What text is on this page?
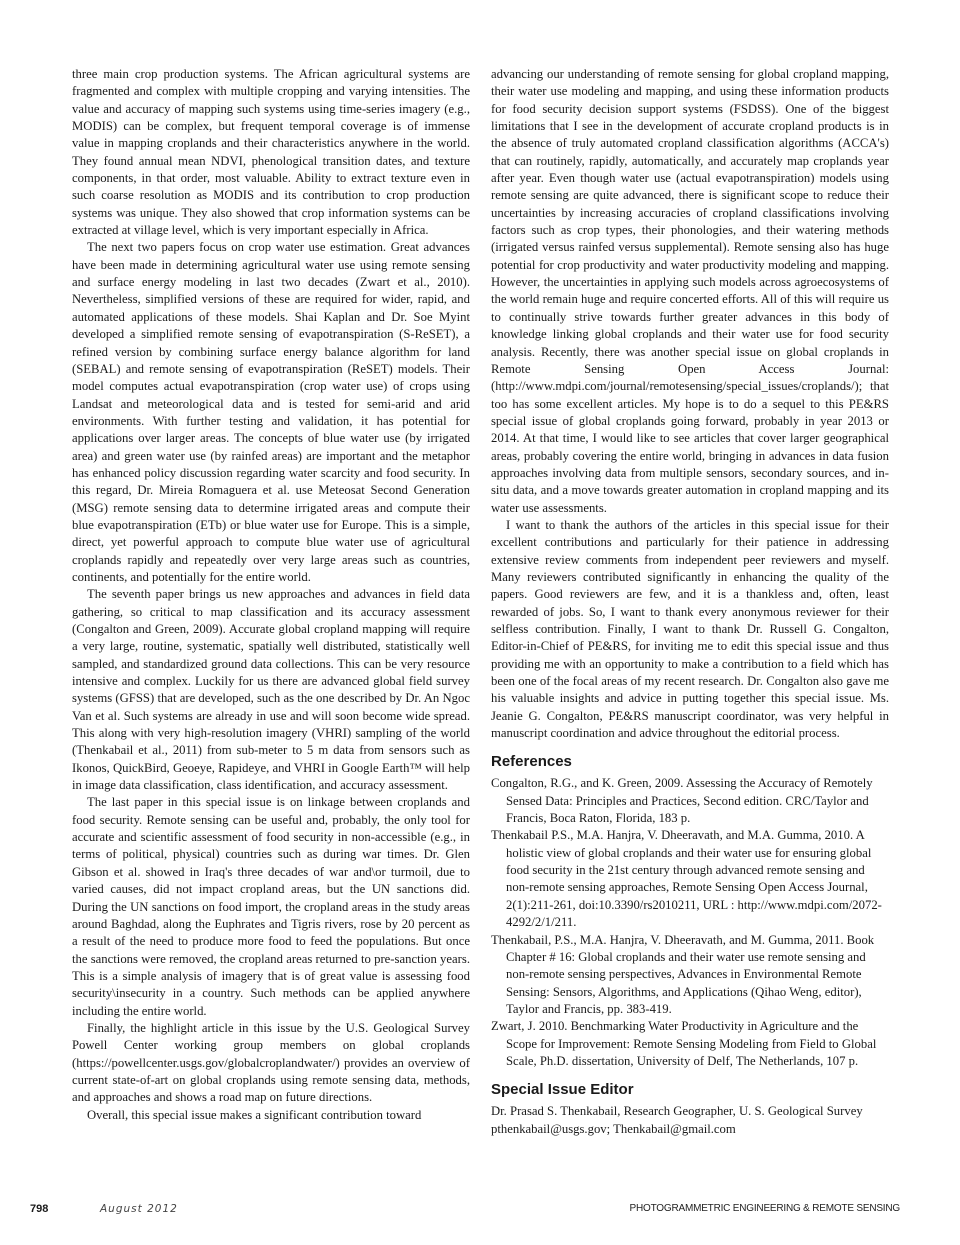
three main crop production systems. The African agricultural systems are fragmented and complex with multiple cropping and varying intensities. The value and accuracy of mapping such systems using time-series imagery (e.g., MODIS) can be complex, but frequent temporal coverage is of immense value in mapping croplands and their characteristics anywhere in the world. They found annual mean NDVI, phenological transition dates, and texture components, in that order, most valuable. Ability to extract texture even in such coarse resolution as MODIS and its contribution to crop production systems was unique. They also showed that crop information systems can be extracted at village level, which is very important especially in Africa.

The next two papers focus on crop water use estimation. Great advances have been made in determining agricultural water use using remote sensing and surface energy modeling in last two decades (Zwart et al., 2010). Nevertheless, simplified versions of these are required for wider, rapid, and automated applications of these models. Shai Kaplan and Dr. Soe Myint developed a simplified remote sensing of evapotranspiration (S-ReSET), a refined version by combining surface energy balance algorithm for land (SEBAL) and remote sensing of evapotranspiration (ReSET) models. Their model computes actual evapotranspiration (crop water use) of crops using Landsat and meteorological data and is tested for semi-arid and arid environments. With further testing and validation, it has potential for applications over larger areas. The concepts of blue water use (by irrigated area) and green water use (by rainfed areas) are important and the metaphor has enhanced policy discussion regarding water scarcity and food security. In this regard, Dr. Mireia Romaguera et al. use Meteosat Second Generation (MSG) remote sensing data to determine irrigated areas and compute their blue evapotranspiration (ETb) or blue water use for Europe. This is a simple, direct, yet powerful approach to compute blue water use of agricultural croplands rapidly and repeatedly over very large areas such as countries, continents, and potentially for the entire world.

The seventh paper brings us new approaches and advances in field data gathering, so critical to map classification and its accuracy assessment (Congalton and Green, 2009). Accurate global cropland mapping will require a very large, routine, systematic, spatially well distributed, statistically well sampled, and standardized ground data collections. This can be very resource intensive and complex. Luckily for us there are advanced global field survey systems (GFSS) that are developed, such as the one described by Dr. An Ngoc Van et al. Such systems are already in use and will soon become wide spread. This along with very high-resolution imagery (VHRI) sampling of the world (Thenkabail et al., 2011) from sub-meter to 5 m data from sensors such as Ikonos, QuickBird, Geoeye, Rapideye, and VHRI in Google Earth™ will help in image data classification, class identification, and accuracy assessment.

The last paper in this special issue is on linkage between croplands and food security. Remote sensing can be useful and, probably, the only tool for accurate and scientific assessment of food security in non-accessible (e.g., in terms of political, physical) countries such as during war times. Dr. Glen Gibson et al. showed in Iraq's three decades of war and\or turmoil, due to varied causes, did not impact cropland areas, but the UN sanctions did. During the UN sanctions on food import, the cropland areas in the study areas around Baghdad, along the Euphrates and Tigris rivers, rose by 20 percent as a result of the need to produce more food to feed the populations. But once the sanctions were removed, the cropland areas returned to pre-sanction years. This is a simple analysis of imagery that is of great value is assessing food security\insecurity in a country. Such methods can be applied anywhere including the entire world.

Finally, the highlight article in this issue by the U.S. Geological Survey Powell Center working group members on global croplands (https://powellcenter.usgs.gov/globalcroplandwater/) provides an overview of current state-of-art on global croplands using remote sensing data, methods, and approaches and shows a road map on future directions.

Overall, this special issue makes a significant contribution toward

advancing our understanding of remote sensing for global cropland mapping, their water use modeling and mapping, and using these information products for food security decision support systems (FSDSS). One of the biggest limitations that I see in the development of accurate cropland products is in the absence of truly automated cropland classification algorithms (ACCA's) that can routinely, rapidly, automatically, and accurately map croplands year after year. Even though water use (actual evapotranspiration) models using remote sensing are quite advanced, there is significant scope to reduce their uncertainties by increasing accuracies of cropland classifications involving factors such as crop types, their phonologies, and their watering methods (irrigated versus rainfed versus supplemental). Remote sensing also has huge potential for crop productivity and water productivity modeling and mapping. However, the uncertainties in applying such models across agroecosystems of the world remain huge and require concerted efforts. All of this will require us to continually strive towards further greater advances in this body of knowledge linking global croplands and their water use for food security analysis. Recently, there was another special issue on global croplands in Remote Sensing Open Access Journal: (http://www.mdpi.com/journal/remotesensing/special_issues/croplands/); that too has some excellent articles. My hope is to do a sequel to this PE&RS special issue of global croplands going forward, probably in year 2013 or 2014. At that time, I would like to see articles that cover larger geographical areas, probably covering the entire world, bringing in advances in data fusion approaches involving data from multiple sensors, secondary sources, and in-situ data, and a move towards greater automation in cropland mapping and its water use assessments.

I want to thank the authors of the articles in this special issue for their excellent contributions and particularly for their patience in addressing extensive review comments from independent peer reviewers and myself. Many reviewers contributed significantly in enhancing the quality of the papers. Good reviewers are few, and it is a thankless and, often, least rewarded of jobs. So, I want to thank every anonymous reviewer for their selfless contribution. Finally, I want to thank Dr. Russell G. Congalton, Editor-in-Chief of PE&RS, for inviting me to edit this special issue and thus providing me with an opportunity to make a contribution to a field which has been one of the focal areas of my recent research. Dr. Congalton also gave me his valuable insights and advice in putting together this special issue. Ms. Jeanie G. Congalton, PE&RS manuscript coordinator, was very helpful in manuscript coordination and advice throughout the editorial process.

References

Congalton, R.G., and K. Green, 2009. Assessing the Accuracy of Remotely Sensed Data: Principles and Practices, Second edition. CRC/Taylor and Francis, Boca Raton, Florida, 183 p.

Thenkabail P.S., M.A. Hanjra, V. Dheeravath, and M.A. Gumma, 2010. A holistic view of global croplands and their water use for ensuring global food security in the 21st century through advanced remote sensing and non-remote sensing approaches, Remote Sensing Open Access Journal, 2(1):211-261, doi:10.3390/rs2010211, URL : http://www.mdpi.com/2072-4292/2/1/211.

Thenkabail, P.S., M.A. Hanjra, V. Dheeravath, and M. Gumma, 2011. Book Chapter # 16: Global croplands and their water use remote sensing and non-remote sensing perspectives, Advances in Environmental Remote Sensing: Sensors, Algorithms, and Applications (Qihao Weng, editor), Taylor and Francis, pp. 383-419.

Zwart, J. 2010. Benchmarking Water Productivity in Agriculture and the Scope for Improvement: Remote Sensing Modeling from Field to Global Scale, Ph.D. dissertation, University of Delf, The Netherlands, 107 p.

Special Issue Editor

Dr. Prasad S. Thenkabail, Research Geographer, U. S. Geological Survey

pthenkabail@usgs.gov; Thenkabail@gmail.com

798	August 2012	PHOTOGRAMMETRIC ENGINEERING & REMOTE SENSING
